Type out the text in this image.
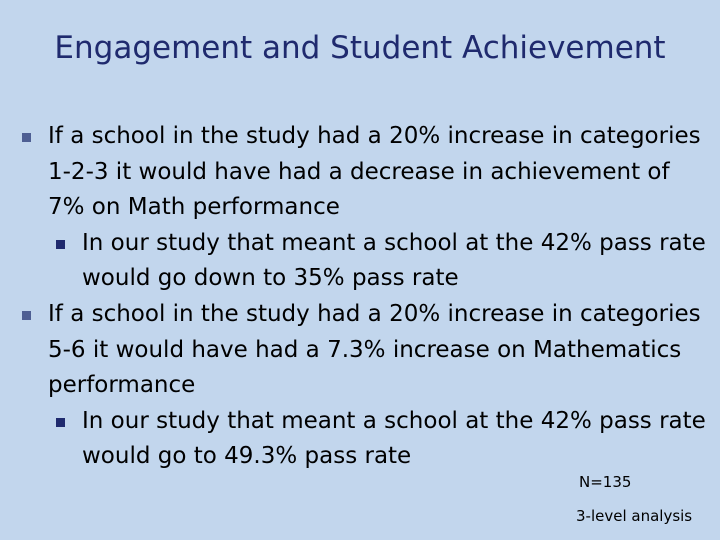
Engagement and Student Achievement
If a school in the study had a 20% increase in categories 1-2-3 it would have had a decrease in achievement of 7% on Math performance
In our study that meant a school at the 42% pass rate would go down to 35% pass rate
If a school in the study had a 20% increase in categories 5-6 it would have had a 7.3% increase on Mathematics performance
In our study that meant a school at the 42% pass rate would go to 49.3% pass rate
N=135
3-level analysis
